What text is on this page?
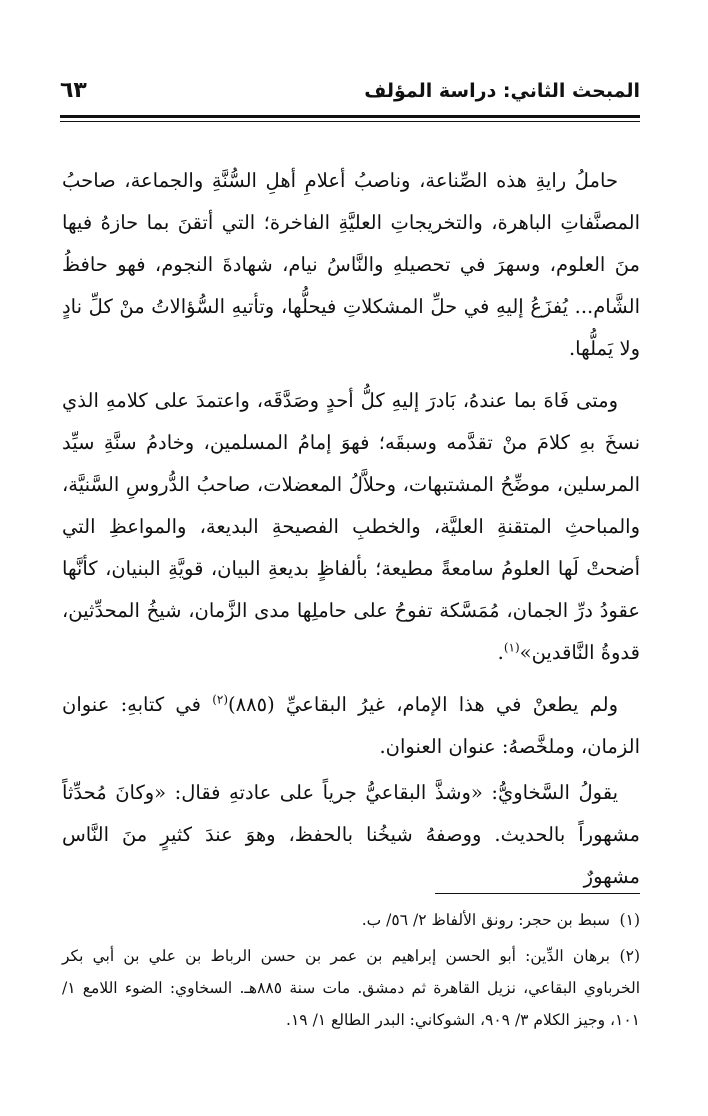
المبحث الثاني: دراسة المؤلف
٦٣

حاملُ رايةِ هذه الصِّناعة، وناصبُ أعلامِ أهلِ السُّنَّةِ والجماعة، صاحبُ المصنَّفاتِ الباهرة، والتخريجاتِ العليَّةِ الفاخرة؛ التي أتقنَ بما حازهُ فيها منَ العلوم، وسهرَ في تحصيلهِ والنَّاسُ نيام، شهادةَ النجوم، فهو حافظُ الشَّام... يُفزَعُ إليهِ في حلِّ المشكلاتِ فيحلُّها، وتأتيهِ السُّؤالاتُ منْ كلِّ نادٍ ولا يَملُّها.

ومتى فَاهَ بما عندهُ، بَادرَ إليهِ كلُّ أحدٍ وصَدَّقَه، واعتمدَ على كلامهِ الذي نسخَ بهِ كلامَ منْ تقدَّمه وسبقَه؛ فهوَ إمامُ المسلمين، وخادمُ سنَّةِ سيِّد المرسلين، موضِّحُ المشتبهات، وحلاَّلُ المعضلات، صاحبُ الدُّروسِ السَّنيَّة، والمباحثِ المتقنةِ العليَّة، والخطبِ الفصيحةِ البديعة، والمواعظِ التي أضحتْ لَها العلومُ سامعةً مطيعة؛ بألفاظٍ بديعةِ البيان، قويَّةِ البنيان، كأنَّها عقودُ درِّ الجمان، مُمَسَّكة تفوحُ على حاملِها مدى الزَّمان، شيخُ المحدِّثين، قدوةُ النَّاقدين»$^{(١)}$.

ولم يطعنْ في هذا الإمام، غيرُ البقاعيِّ (٨٨٥)$^{(٢)}$ في كتابهِ: عنوان الزمان، وملخَّصهُ: عنوان العنوان.

يقولُ السَّخاويُّ: «وشذَّ البقاعيُّ جرياً على عادتهِ فقال: «وكانَ مُحدِّثاً مشهوراً بالحديث. ووصفهُ شيخُنا بالحفظ، وهوَ عندَ كثيرٍ منَ النَّاس مشهورٌ

(١)سبط بن حجر: رونق الألفاظ ٢/ ٥٦/ ب.

(٢)برهان الدِّين: أبو الحسن إبراهيم بن عمر بن حسن الرباط بن علي بن أبي بكر الخرباوي البقاعي، نزيل القاهرة ثم دمشق. مات سنة ٨٨٥هـ. السخاوي: الضوء اللامع ١/ ١٠١، وجيز الكلام ٣/ ٩٠٩، الشوكاني: البدر الطالع ١/ ١٩.
